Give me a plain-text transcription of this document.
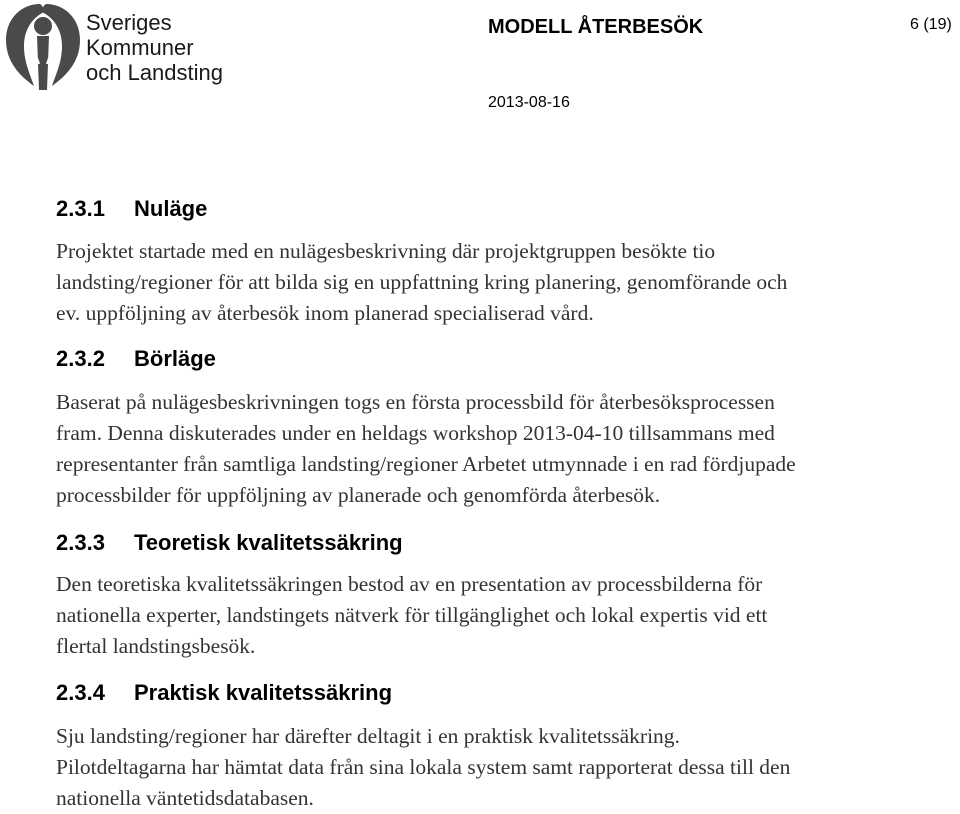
Sveriges
Kommuner
och Landsting
MODELL ÅTERBESÖK	6 (19)
2013-08-16
2.3.1 Nuläge
Projektet startade med en nulägesbeskrivning där projektgruppen besökte tio
landsting/regioner för att bilda sig en uppfattning kring planering, genomförande och
ev. uppföljning av återbesök inom planerad specialiserad vård.
2.3.2 Börläge
Baserat på nulägesbeskrivningen togs en första processbild för återbesöksprocessen
fram. Denna diskuterades under en heldags workshop 2013-04-10 tillsammans med
representanter från samtliga landsting/regioner Arbetet utmynnade i en rad fördjupade
processbilder för uppföljning av planerade och genomförda återbesök.
2.3.3 Teoretisk kvalitetssäkring
Den teoretiska kvalitetssäkringen bestod av en presentation av processbilderna för
nationella experter, landstingets nätverk för tillgänglighet och lokal expertis vid ett
flertal landstingsbesök.
2.3.4 Praktisk kvalitetssäkring
Sju landsting/regioner har därefter deltagit i en praktisk kvalitetssäkring.
Pilotdeltagarna har hämtat data från sina lokala system samt rapporterat dessa till den
nationella väntetidsdatabasen.
